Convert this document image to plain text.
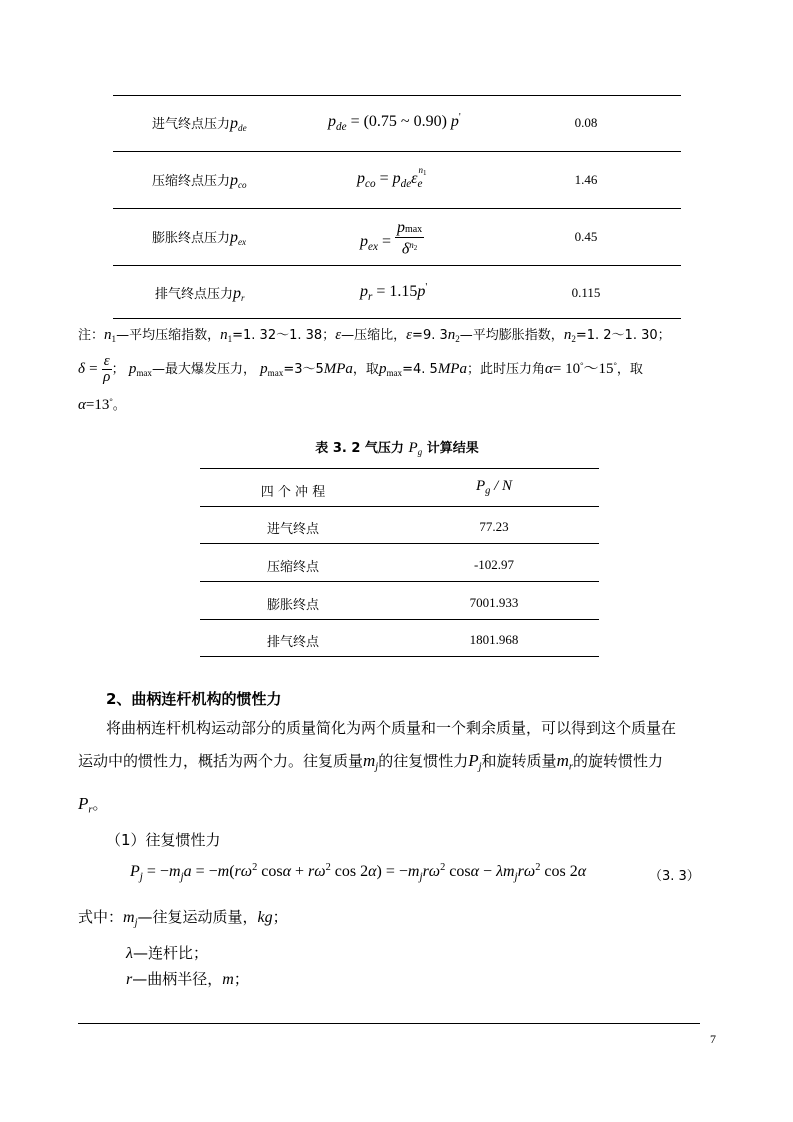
进气终点压力$p_{de}$	$p_{de} = (0.75$ ~ 0.90) p'	0.08
压缩终点压力$p_{co}$	$p_{co} = p_{de}\varepsilon_e^{n1}$	1.46
膨胀终点压力$p_{ex}$	$p_{ex} = \frac{pmax}{\delta^{n2}}$	0.45
排气终点压力$p_r$	$p_r = 1.15p'$	0.115
注：$n_1—$平均压缩指数，$n_1=1$. 32～1. 38；ε—压缩比，ε=9. $3n_2—$平均膨胀指数，$n_2=1$. 2～1. 30；
$\delta = \frac{\varepsilon}{\rho}$ ； $p_{max}—$最大爆发压力， $p_{max}=3\sim 5MPa$，取$p_{max}=4$. 5MPa；此时压力角α= 10°～15°，取
α=13°。
表 3. 2 气压力 $P_g$ 计算结果
四 个 冲 程	$P_g$ / N
进气终点	77.23
压缩终点	-102.97
膨胀终点	7001.933
排气终点	1801.968
2、曲柄连杆机构的惯性力
将曲柄连杆机构运动部分的质量简化为两个质量和一个剩余质量，可以得到这个质量在
运动中的惯性力，概括为两个力。往复质量$m_j$的往复惯性力$P_j$和旋转质量$m_r$的旋转惯性力
$P_r$。
（1）往复惯性力
$P_j = -m_ja = -m(r\omega^2$ $\cos\alpha + r\omega^2$ $\cos 2\alpha) = -m_jr\omega^2$ $\cos\alpha - \lambda m_jr\omega^2$ cos 2α	（3. 3）
式中：$m_j—$往复运动质量，kg；
λ—连杆比；
r—曲柄半径，m；
7
